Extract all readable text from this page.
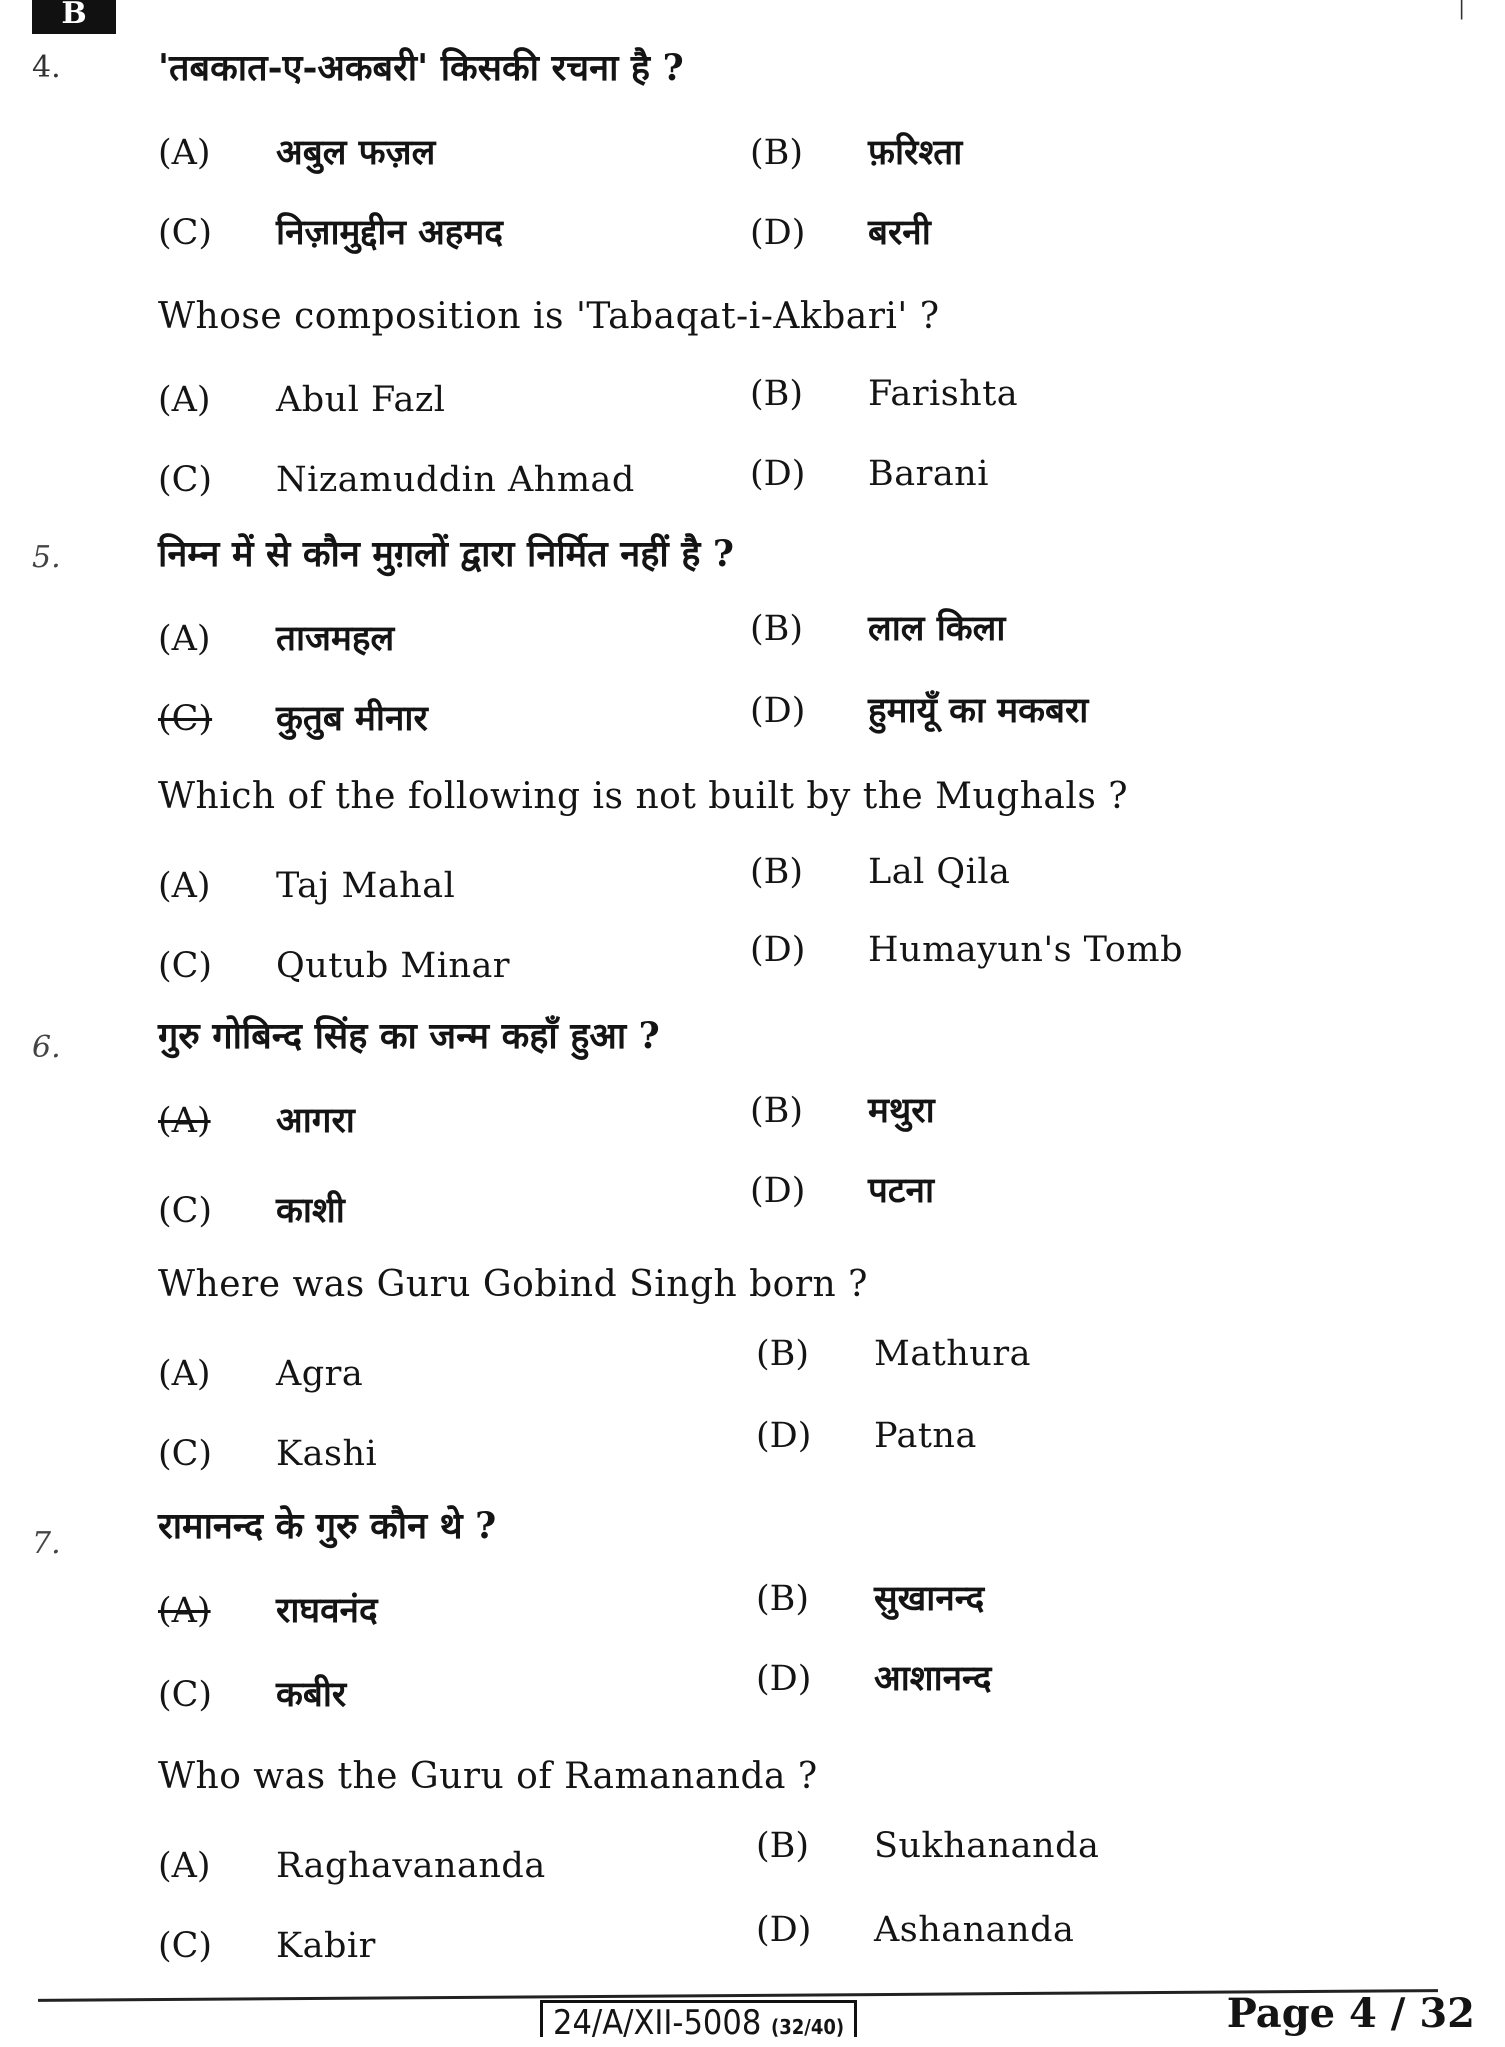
B	|
4.	'तबकात-ए-अकबरी' किसकी रचना है ?
(A) अबुल फज़ल	(B) फ़रिश्ता
(C) निज़ामुद्दीन अहमद	(D) बरनी
Whose composition is 'Tabaqat-i-Akbari' ?
(A) Abul Fazl	(B) Farishta
(C) Nizamuddin Ahmad	(D) Barani
5.	निम्न में से कौन मुग़लों द्वारा निर्मित नहीं है ?
(A) ताजमहल	(B) लाल किला
(C) कुतुब मीनार	(D) हुमायूँ का मकबरा
Which of the following is not built by the Mughals ?
(A) Taj Mahal	(B) Lal Qila
(C) Qutub Minar	(D) Humayun's Tomb
6.	गुरु गोबिन्द सिंह का जन्म कहाँ हुआ ?
(A) आगरा	(B) मथुरा
(C) काशी	(D) पटना
Where was Guru Gobind Singh born ?
(A) Agra	(B) Mathura
(C) Kashi	(D) Patna
7.	रामानन्द के गुरु कौन थे ?
(A) राघवनंद	(B) सुखानन्द
(C) कबीर	(D) आशानन्द
Who was the Guru of Ramananda ?
(A) Raghavananda	(B) Sukhananda
(C) Kabir	(D) Ashananda
24/A/XII-5008 (32/40)	Page 4 / 32
